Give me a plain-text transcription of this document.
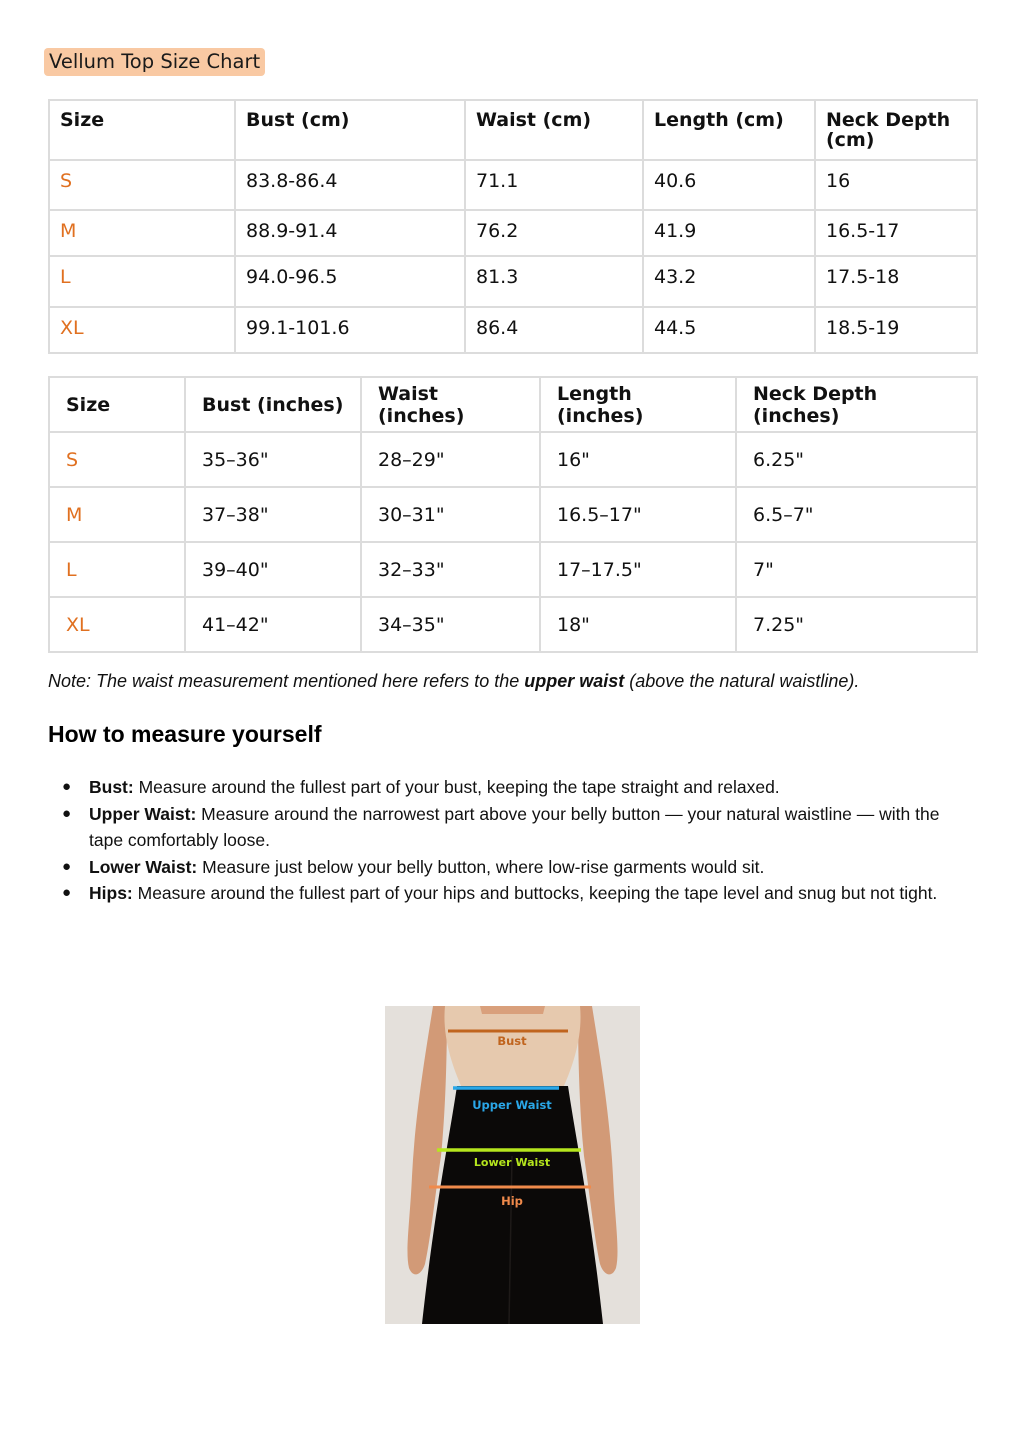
Vellum Top Size Chart
Size	Bust (cm)	Waist (cm)	Length (cm)	Neck Depth (cm)
S	83.8-86.4	71.1	40.6	16
M	88.9-91.4	76.2	41.9	16.5-17
L	94.0-96.5	81.3	43.2	17.5-18
XL	99.1-101.6	86.4	44.5	18.5-19
Size	Bust (inches)	Waist (inches)	Length (inches)	Neck Depth (inches)
S	35–36"	28–29"	16"	6.25"
M	37–38"	30–31"	16.5–17"	6.5–7"
L	39–40"	32–33"	17–17.5"	7"
XL	41–42"	34–35"	18"	7.25"
Note: The waist measurement mentioned here refers to the upper waist (above the natural waistline).
How to measure yourself
● Bust: Measure around the fullest part of your bust, keeping the tape straight and relaxed.
● Upper Waist: Measure around the narrowest part above your belly button — your natural waistline — with the tape comfortably loose.
● Lower Waist: Measure just below your belly button, where low-rise garments would sit.
● Hips: Measure around the fullest part of your hips and buttocks, keeping the tape level and snug but not tight.
Bust
Upper Waist
Lower Waist
Hip
